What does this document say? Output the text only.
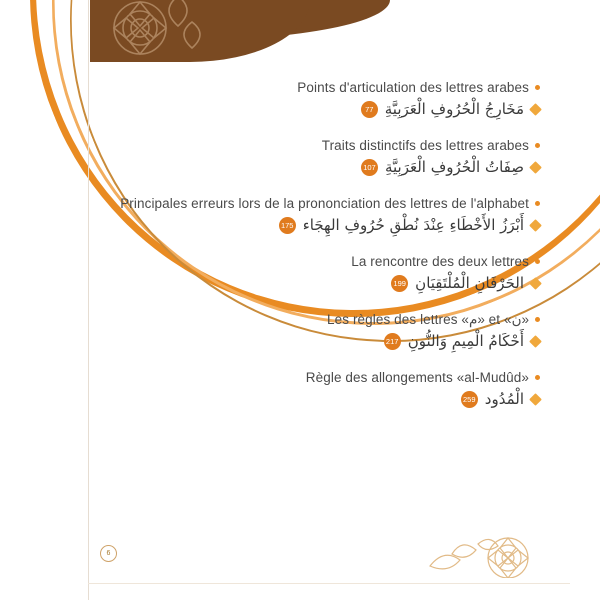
Points d'articulation des lettres arabes
77 مَخَارِجُ الْحُرُوفِ الْعَرَبِيَّةِ
Traits distinctifs des lettres arabes
107 صِفَاتُ الْحُرُوفِ الْعَرَبِيَّةِ
Principales erreurs lors de la prononciation des lettres de l'alphabet
175 أَبْرَزُ الأَخْطَاءِ عِنْدَ نُطْقِ حُرُوفِ الهِجَاء
La rencontre des deux lettres
199 الحَرْفَانِ الْمُلْتَقِيَانِ
Les règles des lettres «م» et «ن»
217 أَحْكَامُ الْمِيمِ وَالنُّونِ
Règle des allongements «al-Mudûd»
259 الْمُدُود
6
